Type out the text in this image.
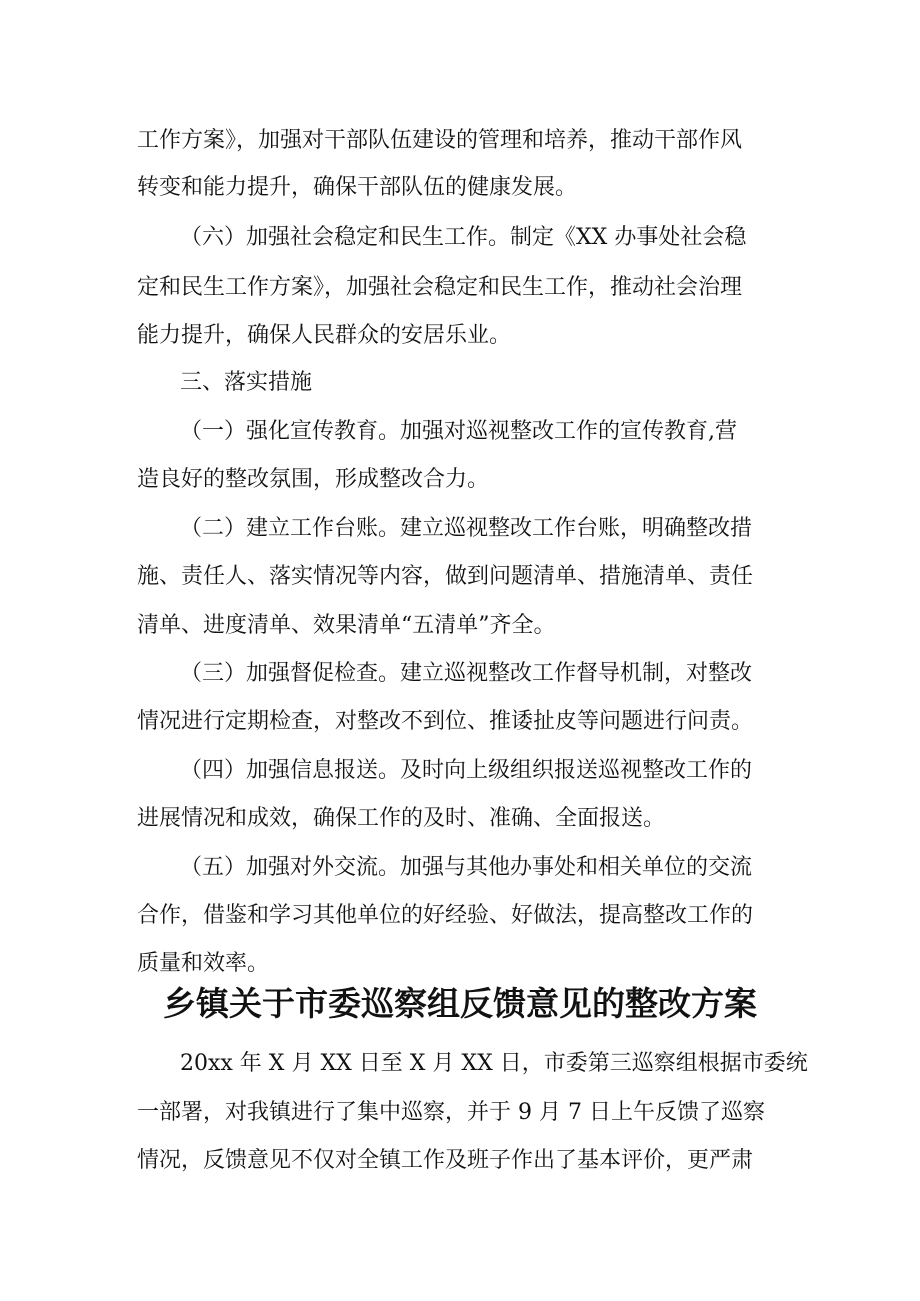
工作方案》，加强对干部队伍建设的管理和培养，推动干部作风
转变和能力提升，确保干部队伍的健康发展。
（六）加强社会稳定和民生工作。制定《XX 办事处社会稳
定和民生工作方案》，加强社会稳定和民生工作，推动社会治理
能力提升，确保人民群众的安居乐业。
三、落实措施
（一）强化宣传教育。加强对巡视整改工作的宣传教育,营
造良好的整改氛围，形成整改合力。
（二）建立工作台账。建立巡视整改工作台账，明确整改措
施、责任人、落实情况等内容，做到问题清单、措施清单、责任
清单、进度清单、效果清单“五清单”齐全。
（三）加强督促检查。建立巡视整改工作督导机制，对整改
情况进行定期检查，对整改不到位、推诿扯皮等问题进行问责。
（四）加强信息报送。及时向上级组织报送巡视整改工作的
进展情况和成效，确保工作的及时、准确、全面报送。
（五）加强对外交流。加强与其他办事处和相关单位的交流
合作，借鉴和学习其他单位的好经验、好做法，提高整改工作的
质量和效率。
乡镇关于市委巡察组反馈意见的整改方案
20xx 年 X 月 XX 日至 X 月 XX 日，市委第三巡察组根据市委统
一部署，对我镇进行了集中巡察，并于 9 月 7 日上午反馈了巡察
情况，反馈意见不仅对全镇工作及班子作出了基本评价，更严肃
